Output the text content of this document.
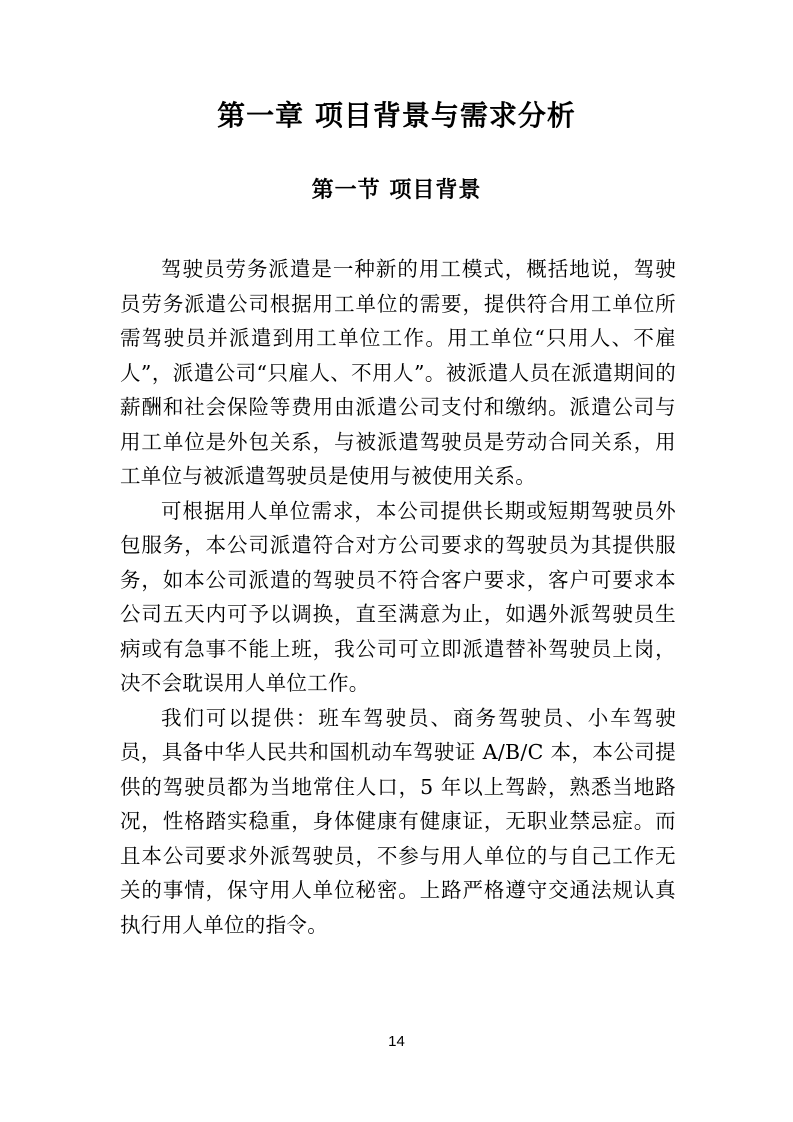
第一章 项目背景与需求分析
第一节 项目背景

驾驶员劳务派遣是一种新的用工模式，概括地说，驾驶员劳务派遣公司根据用工单位的需要，提供符合用工单位所需驾驶员并派遣到用工单位工作。用工单位“只用人、不雇人”，派遣公司“只雇人、不用人”。被派遣人员在派遣期间的薪酬和社会保险等费用由派遣公司支付和缴纳。派遣公司与用工单位是外包关系，与被派遣驾驶员是劳动合同关系，用工单位与被派遣驾驶员是使用与被使用关系。

可根据用人单位需求，本公司提供长期或短期驾驶员外包服务，本公司派遣符合对方公司要求的驾驶员为其提供服务，如本公司派遣的驾驶员不符合客户要求，客户可要求本公司五天内可予以调换，直至满意为止，如遇外派驾驶员生病或有急事不能上班，我公司可立即派遣替补驾驶员上岗，决不会耽误用人单位工作。

我们可以提供：班车驾驶员、商务驾驶员、小车驾驶员，具备中华人民共和国机动车驾驶证 A/B/C 本，本公司提供的驾驶员都为当地常住人口，5 年以上驾龄，熟悉当地路况，性格踏实稳重，身体健康有健康证，无职业禁忌症。而且本公司要求外派驾驶员，不参与用人单位的与自己工作无关的事情，保守用人单位秘密。上路严格遵守交通法规认真执行用人单位的指令。

14
